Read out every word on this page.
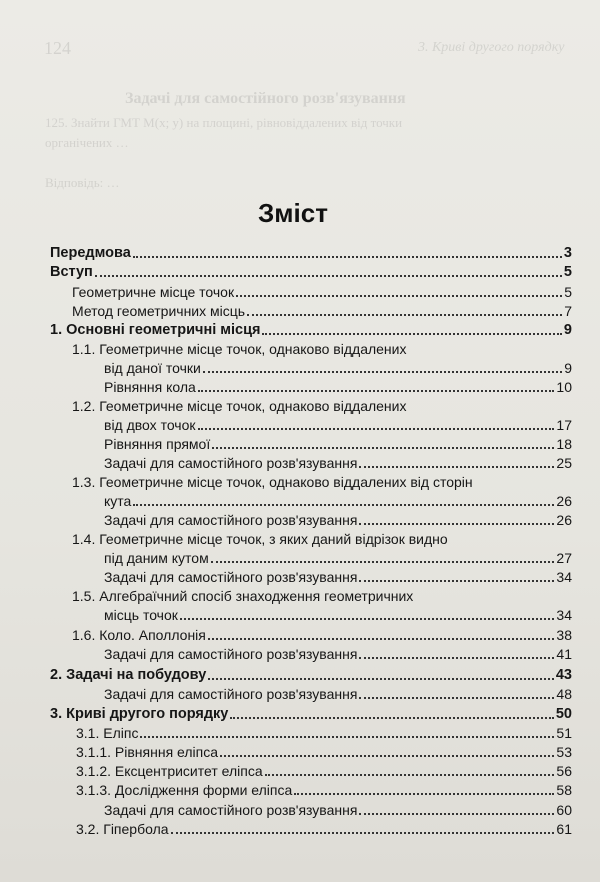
124	3. Криві другого порядку
Задачі для самостійного розв'язування
125. Знайти ГМТ M(x; y) на площині, рівновіддалених від точки
органічених …
Відповідь: …
Зміст
Передмова	3
Вступ	5
Геометричне місце точок	5
Метод геометричних місць	7
1. Основні геометричні місця	9
1.1. Геометричне місце точок, однаково віддалених
від даної точки	9
Рівняння кола	10
1.2. Геометричне місце точок, однаково віддалених
від двох точок	17
Рівняння прямої	18
Задачі для самостійного розв'язування	25
1.3. Геометричне місце точок, однаково віддалених від сторін
кута	26
Задачі для самостійного розв'язування	26
1.4. Геометричне місце точок, з яких даний відрізок видно
під даним кутом	27
Задачі для самостійного розв'язування	34
1.5. Алгебраїчний спосіб знаходження геометричних
місць точок	34
1.6. Коло. Аполлонія	38
Задачі для самостійного розв'язування	41
2. Задачі на побудову	43
Задачі для самостійного розв'язування	48
3. Криві другого порядку	50
3.1. Еліпс	51
3.1.1. Рівняння еліпса	53
3.1.2. Ексцентриситет еліпса	56
3.1.3. Дослідження форми еліпса	58
Задачі для самостійного розв'язування	60
3.2. Гіпербола	61
